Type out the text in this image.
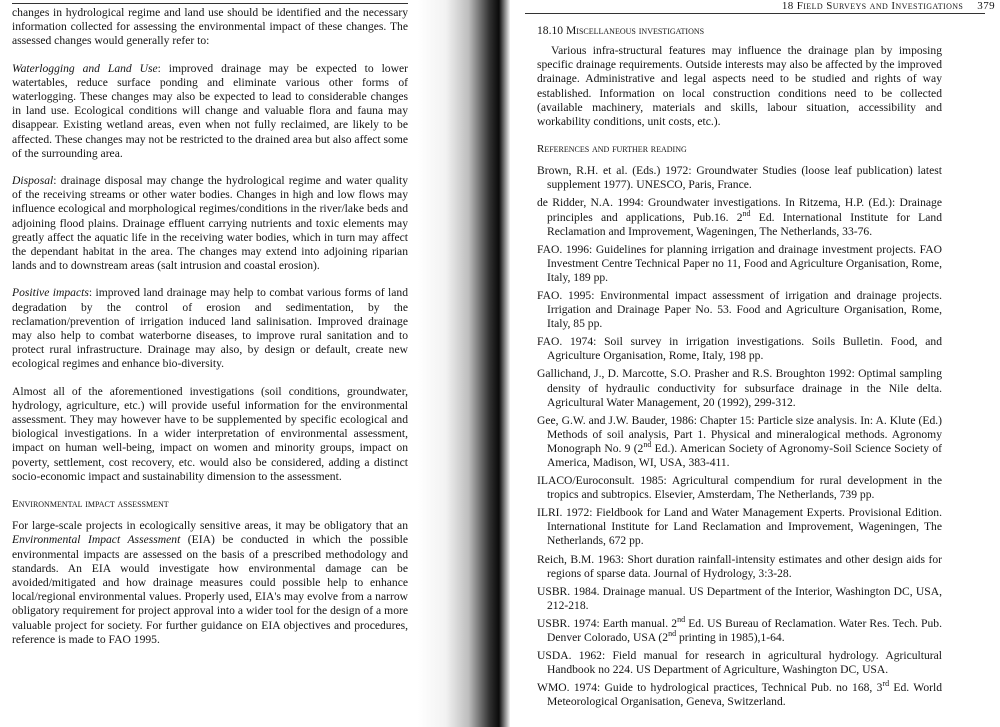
changes in hydrological regime and land use should be identified and the necessary information collected for assessing the environmental impact of these changes. The assessed changes would generally refer to:

Waterlogging and Land Use: improved drainage may be expected to lower watertables, reduce surface ponding and eliminate various other forms of waterlogging. These changes may also be expected to lead to considerable changes in land use. Ecological conditions will change and valuable flora and fauna may disappear. Existing wetland areas, even when not fully reclaimed, are likely to be affected. These changes may not be restricted to the drained area but also affect some of the surrounding area.

Disposal: drainage disposal may change the hydrological regime and water quality of the receiving streams or other water bodies. Changes in high and low flows may influence ecological and morphological regimes/conditions in the river/lake beds and adjoining flood plains. Drainage effluent carrying nutrients and toxic elements may greatly affect the aquatic life in the receiving water bodies, which in turn may affect the dependant habitat in the area. The changes may extend into adjoining riparian lands and to downstream areas (salt intrusion and coastal erosion).

Positive impacts: improved land drainage may help to combat various forms of land degradation by the control of erosion and sedimentation, by the reclamation/prevention of irrigation induced land salinisation. Improved drainage may also help to combat waterborne diseases, to improve rural sanitation and to protect rural infrastructure. Drainage may also, by design or default, create new ecological regimes and enhance bio-diversity.

Almost all of the aforementioned investigations (soil conditions, groundwater, hydrology, agriculture, etc.) will provide useful information for the environmental assessment. They may however have to be supplemented by specific ecological and biological investigations. In a wider interpretation of environmental assessment, impact on human well-being, impact on women and minority groups, impact on poverty, settlement, cost recovery, etc. would also be considered, adding a distinct socio-economic impact and sustainability dimension to the assessment.

Environmental impact assessment

For large-scale projects in ecologically sensitive areas, it may be obligatory that an Environmental Impact Assessment (EIA) be conducted in which the possible environmental impacts are assessed on the basis of a prescribed methodology and standards. An EIA would investigate how environmental damage can be avoided/mitigated and how drainage measures could possible help to enhance local/regional environmental values. Properly used, EIA's may evolve from a narrow obligatory requirement for project approval into a wider tool for the design of a more valuable project for society. For further guidance on EIA objectives and procedures, reference is made to FAO 1995.

18 Field Surveys and Investigations 379
18.10 Miscellaneous investigations

Various infra-structural features may influence the drainage plan by imposing specific drainage requirements. Outside interests may also be affected by the improved drainage. Administrative and legal aspects need to be studied and rights of way established. Information on local construction conditions need to be collected (available machinery, materials and skills, labour situation, accessibility and workability conditions, unit costs, etc.).

References and further reading

Brown, R.H. et al. (Eds.) 1972: Groundwater Studies (loose leaf publication) latest supplement 1977). UNESCO, Paris, France.

de Ridder, N.A. 1994: Groundwater investigations. In Ritzema, H.P. (Ed.): Drainage principles and applications, Pub.16. 2nd Ed. International Institute for Land Reclamation and Improvement, Wageningen, The Netherlands, 33-76.

FAO. 1996: Guidelines for planning irrigation and drainage investment projects. FAO Investment Centre Technical Paper no 11, Food and Agriculture Organisation, Rome, Italy, 189 pp.

FAO. 1995: Environmental impact assessment of irrigation and drainage projects. Irrigation and Drainage Paper No. 53. Food and Agriculture Organisation, Rome, Italy, 85 pp.

FAO. 1974: Soil survey in irrigation investigations. Soils Bulletin. Food, and Agriculture Organisation, Rome, Italy, 198 pp.

Gallichand, J., D. Marcotte, S.O. Prasher and R.S. Broughton 1992: Optimal sampling density of hydraulic conductivity for subsurface drainage in the Nile delta. Agricultural Water Management, 20 (1992), 299-312.

Gee, G.W. and J.W. Bauder, 1986: Chapter 15: Particle size analysis. In: A. Klute (Ed.) Methods of soil analysis, Part 1. Physical and mineralogical methods. Agronomy Monograph No. 9 (2nd Ed.). American Society of Agronomy-Soil Science Society of America, Madison, WI, USA, 383-411.

ILACO/Euroconsult. 1985: Agricultural compendium for rural development in the tropics and subtropics. Elsevier, Amsterdam, The Netherlands, 739 pp.

ILRI. 1972: Fieldbook for Land and Water Management Experts. Provisional Edition. International Institute for Land Reclamation and Improvement, Wageningen, The Netherlands, 672 pp.

Reich, B.M. 1963: Short duration rainfall-intensity estimates and other design aids for regions of sparse data. Journal of Hydrology, 3:3-28.

USBR. 1984. Drainage manual. US Department of the Interior, Washington DC, USA, 212-218.

USBR. 1974: Earth manual. 2nd Ed. US Bureau of Reclamation. Water Res. Tech. Pub. Denver Colorado, USA (2nd printing in 1985),1-64.

USDA. 1962: Field manual for research in agricultural hydrology. Agricultural Handbook no 224. US Department of Agriculture, Washington DC, USA.

WMO. 1974: Guide to hydrological practices, Technical Pub. no 168, 3rd Ed. World Meteorological Organisation, Geneva, Switzerland.
